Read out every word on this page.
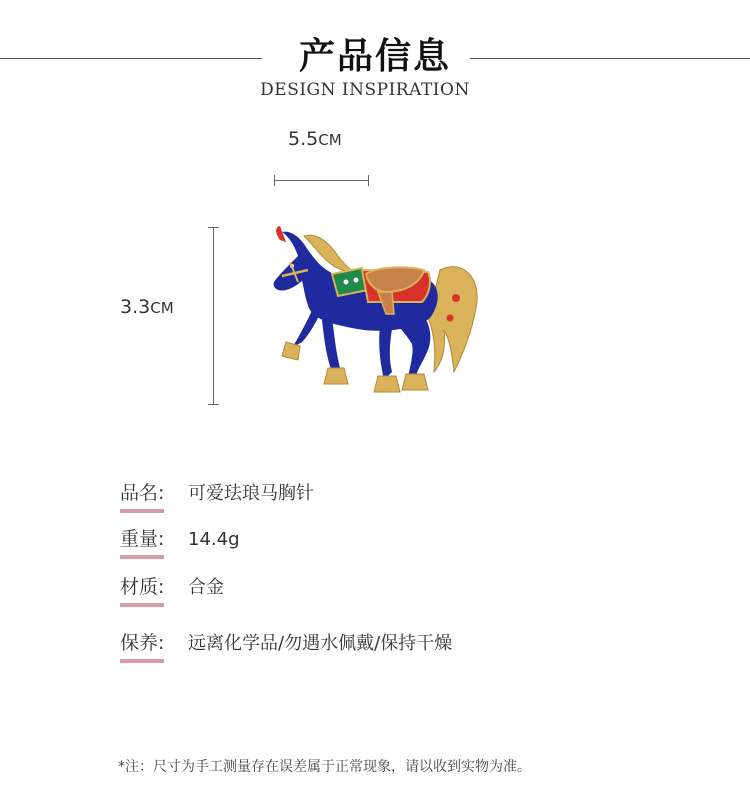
产品信息
DESIGN INSPIRATION
5.5CM
3.3CM
品名: 可爱珐琅马胸针
重量: 14.4g
材质: 合金
保养: 远离化学品/勿遇水佩戴/保持干燥
*注：尺寸为手工测量存在误差属于正常现象，请以收到实物为准。
